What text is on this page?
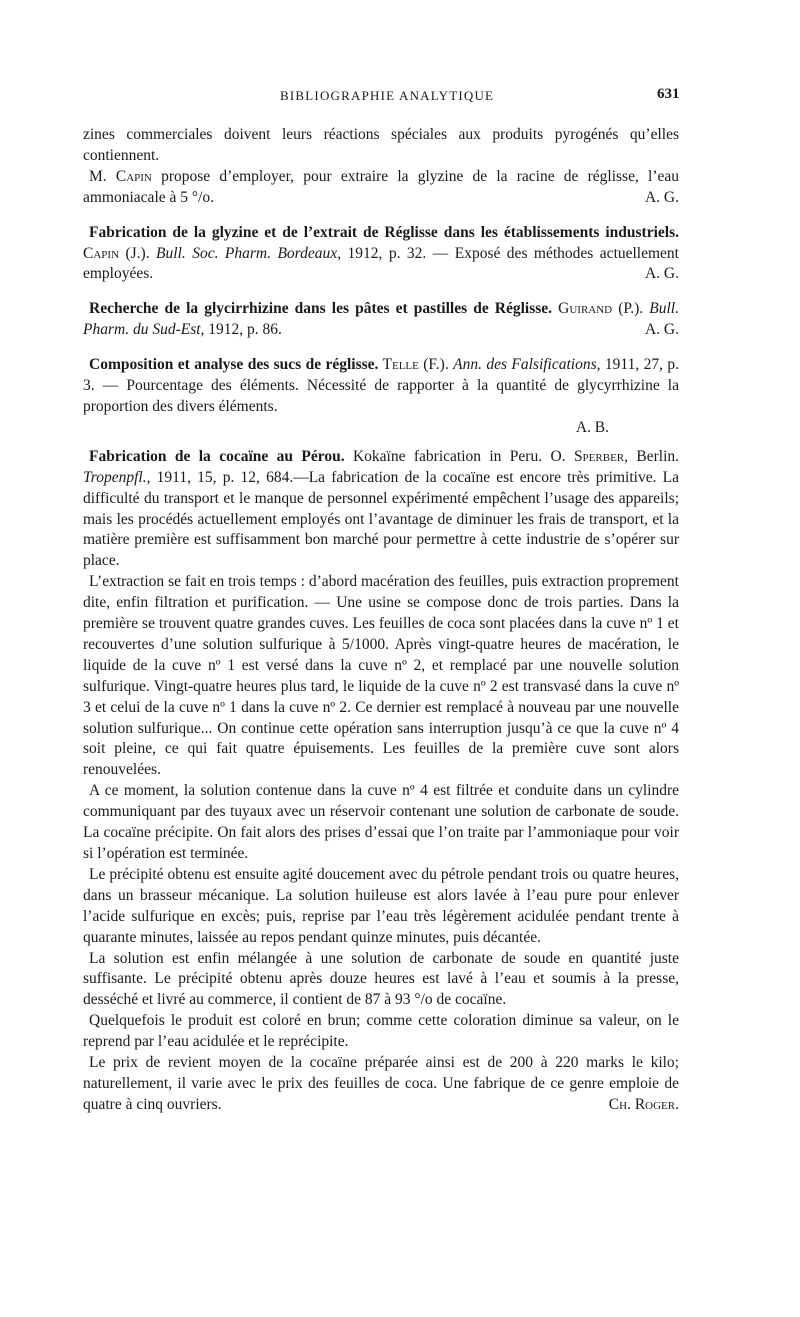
BIBLIOGRAPHIE ANALYTIQUE	631

zines commerciales doivent leurs réactions spéciales aux produits pyrogénés qu’elles contiennent.

M. Capin propose d’employer, pour extraire la glyzine de la racine de réglisse, l’eau ammoniacale à 5 °/o.	A. G.

Fabrication de la glyzine et de l’extrait de Réglisse dans les établissements industriels. Capin (J.). Bull. Soc. Pharm. Bordeaux, 1912, p. 32. — Exposé des méthodes actuellement employées.	A. G.

Recherche de la glycirrhizine dans les pâtes et pastilles de Réglisse. Guirand (P.). Bull. Pharm. du Sud-Est, 1912, p. 86.	A. G.

Composition et analyse des sucs de réglisse. Telle (F.). Ann. des Falsifications, 1911, 27, p. 3. — Pourcentage des éléments. Nécessité de rapporter à la quantité de glycyrrhizine la proportion des divers éléments.

A. B.

Fabrication de la cocaïne au Pérou. Kokaïne fabrication in Peru. O. Sperber, Berlin. Tropenpfl., 1911, 15, p. 12, 684.—La fabrication de la cocaïne est encore très primitive. La difficulté du transport et le manque de personnel expérimenté empêchent l’usage des appareils; mais les procédés actuellement employés ont l’avantage de diminuer les frais de transport, et la matière première est suffisamment bon marché pour permettre à cette industrie de s’opérer sur place.

L’extraction se fait en trois temps : d’abord macération des feuilles, puis extraction proprement dite, enfin filtration et purification. — Une usine se compose donc de trois parties. Dans la première se trouvent quatre grandes cuves. Les feuilles de coca sont placées dans la cuve nº 1 et recouvertes d’une solution sulfurique à 5/1000. Après vingt-quatre heures de macération, le liquide de la cuve nº 1 est versé dans la cuve nº 2, et remplacé par une nouvelle solution sulfurique. Vingt-quatre heures plus tard, le liquide de la cuve nº 2 est transvasé dans la cuve nº 3 et celui de la cuve nº 1 dans la cuve nº 2. Ce dernier est remplacé à nouveau par une nouvelle solution sulfurique... On continue cette opération sans interruption jusqu’à ce que la cuve nº 4 soit pleine, ce qui fait quatre épuisements. Les feuilles de la première cuve sont alors renouvelées.

A ce moment, la solution contenue dans la cuve nº 4 est filtrée et conduite dans un cylindre communiquant par des tuyaux avec un réservoir contenant une solution de carbonate de soude. La cocaïne précipite. On fait alors des prises d’essai que l’on traite par l’ammoniaque pour voir si l’opération est terminée.

Le précipité obtenu est ensuite agité doucement avec du pétrole pendant trois ou quatre heures, dans un brasseur mécanique. La solution huileuse est alors lavée à l’eau pure pour enlever l’acide sulfurique en excès; puis, reprise par l’eau très légèrement acidulée pendant trente à quarante minutes, laissée au repos pendant quinze minutes, puis décantée.

La solution est enfin mélangée à une solution de carbonate de soude en quantité juste suffisante. Le précipité obtenu après douze heures est lavé à l’eau et soumis à la presse, desséché et livré au commerce, il contient de 87 à 93 °/o de cocaïne.

Quelquefois le produit est coloré en brun; comme cette coloration diminue sa valeur, on le reprend par l’eau acidulée et le reprécipite.

Le prix de revient moyen de la cocaïne préparée ainsi est de 200 à 220 marks le kilo; naturellement, il varie avec le prix des feuilles de coca. Une fabrique de ce genre emploie de quatre à cinq ouvriers.	Ch. Roger.
